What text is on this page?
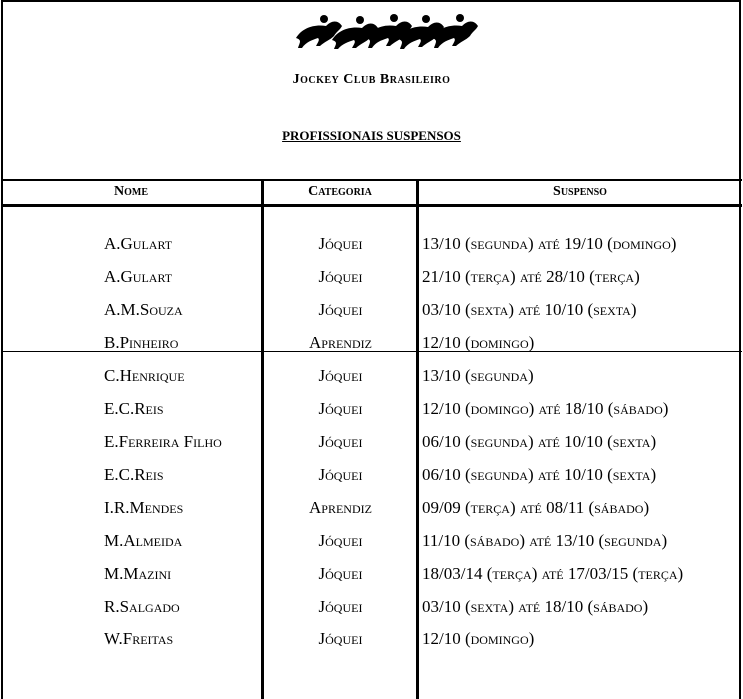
Jockey Club Brasileiro
PROFISSIONAIS SUSPENSOS
Nome	Categoria	Suspenso
A.Gulart	Jóquei	13/10 (segunda) até 19/10 (domingo)
A.Gulart	Jóquei	21/10 (terça) até 28/10 (terça)
A.M.Souza	Jóquei	03/10 (sexta) até 10/10 (sexta)
B.Pinheiro	Aprendiz	12/10 (domingo)
C.Henrique	Jóquei	13/10 (segunda)
E.C.Reis	Jóquei	12/10 (domingo) até 18/10 (sábado)
E.Ferreira Filho	Jóquei	06/10 (segunda) até 10/10 (sexta)
E.C.Reis	Jóquei	06/10 (segunda) até 10/10 (sexta)
I.R.Mendes	Aprendiz	09/09 (terça) até 08/11 (sábado)
M.Almeida	Jóquei	11/10 (sábado) até 13/10 (segunda)
M.Mazini	Jóquei	18/03/14 (terça) até 17/03/15 (terça)
R.Salgado	Jóquei	03/10 (sexta) até 18/10 (sábado)
W.Freitas	Jóquei	12/10 (domingo)
